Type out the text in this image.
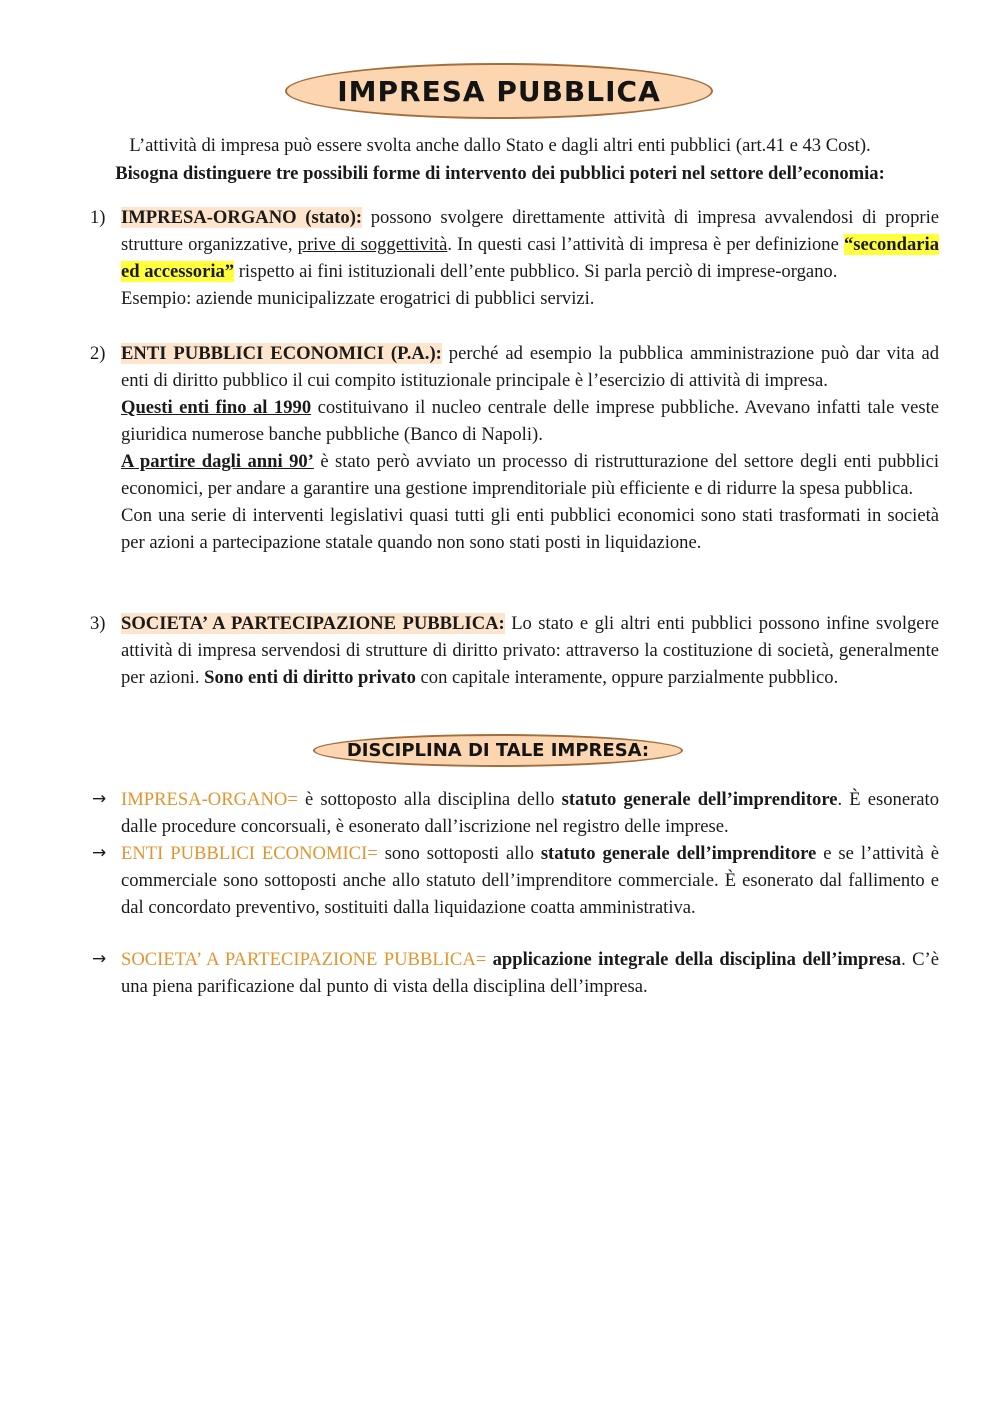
IMPRESA PUBBLICA

L’attività di impresa può essere svolta anche dallo Stato e dagli altri enti pubblici (art.41 e 43 Cost).

Bisogna distinguere tre possibili forme di intervento dei pubblici poteri nel settore dell’economia:

1) IMPRESA-ORGANO (stato): possono svolgere direttamente attività di impresa avvalendosi di proprie strutture organizzative, prive di soggettività. In questi casi l’attività di impresa è per definizione “secondaria ed accessoria” rispetto ai fini istituzionali dell’ente pubblico. Si parla perciò di imprese-organo.

Esempio: aziende municipalizzate erogatrici di pubblici servizi.

2) ENTI PUBBLICI ECONOMICI (P.A.): perché ad esempio la pubblica amministrazione può dar vita ad enti di diritto pubblico il cui compito istituzionale principale è l’esercizio di attività di impresa.

Questi enti fino al 1990 costituivano il nucleo centrale delle imprese pubbliche. Avevano infatti tale veste giuridica numerose banche pubbliche (Banco di Napoli).

A partire dagli anni 90’ è stato però avviato un processo di ristrutturazione del settore degli enti pubblici economici, per andare a garantire una gestione imprenditoriale più efficiente e di ridurre la spesa pubblica.

Con una serie di interventi legislativi quasi tutti gli enti pubblici economici sono stati trasformati in società per azioni a partecipazione statale quando non sono stati posti in liquidazione.

3) SOCIETA’ A PARTECIPAZIONE PUBBLICA: Lo stato e gli altri enti pubblici possono infine svolgere attività di impresa servendosi di strutture di diritto privato: attraverso la costituzione di società, generalmente per azioni. Sono enti di diritto privato con capitale interamente, oppure parzialmente pubblico.

DISCIPLINA DI TALE IMPRESA:
→ IMPRESA-ORGANO= è sottoposto alla disciplina dello statuto generale dell’imprenditore. È esonerato dalle procedure concorsuali, è esonerato dall’iscrizione nel registro delle imprese.

→ ENTI PUBBLICI ECONOMICI= sono sottoposti allo statuto generale dell’imprenditore e se l’attività è commerciale sono sottoposti anche allo statuto dell’imprenditore commerciale. È esonerato dal fallimento e dal concordato preventivo, sostituiti dalla liquidazione coatta amministrativa.

→ SOCIETA’ A PARTECIPAZIONE PUBBLICA= applicazione integrale della disciplina dell’impresa. C’è una piena parificazione dal punto di vista della disciplina dell’impresa.
